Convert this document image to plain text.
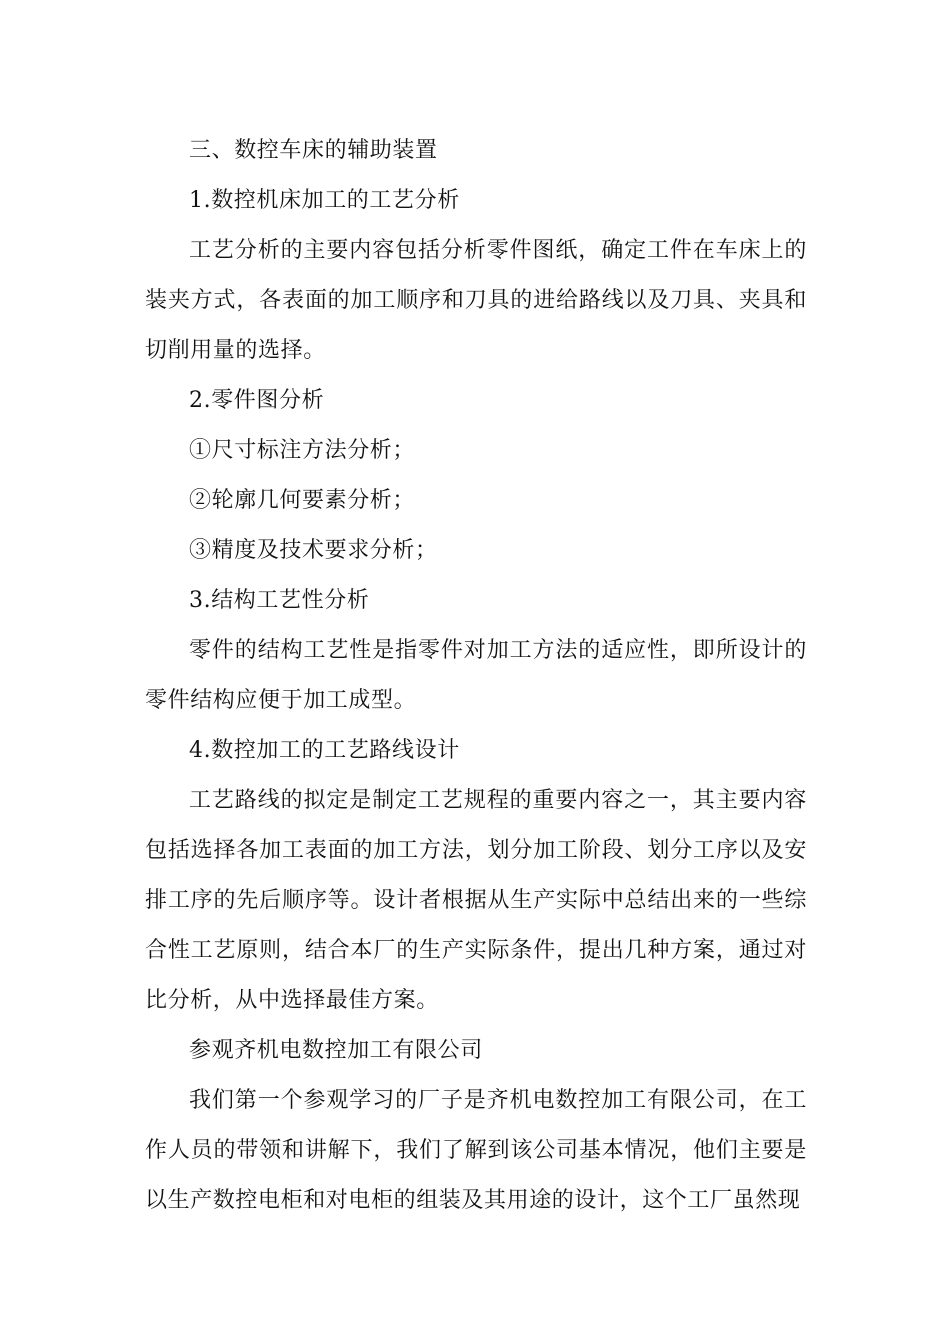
三、数控车床的辅助装置

1.数控机床加工的工艺分析

工艺分析的主要内容包括分析零件图纸，确定工件在车床上的装夹方式，各表面的加工顺序和刀具的进给路线以及刀具、夹具和切削用量的选择。

2.零件图分析

①尺寸标注方法分析；

②轮廓几何要素分析；

③精度及技术要求分析；

3.结构工艺性分析

零件的结构工艺性是指零件对加工方法的适应性，即所设计的零件结构应便于加工成型。

4.数控加工的工艺路线设计

工艺路线的拟定是制定工艺规程的重要内容之一，其主要内容包括选择各加工表面的加工方法，划分加工阶段、划分工序以及安排工序的先后顺序等。设计者根据从生产实际中总结出来的一些综合性工艺原则，结合本厂的生产实际条件，提出几种方案，通过对比分析，从中选择最佳方案。

参观齐机电数控加工有限公司

我们第一个参观学习的厂子是齐机电数控加工有限公司，在工作人员的带领和讲解下，我们了解到该公司基本情况，他们主要是以生产数控电柜和对电柜的组装及其用途的设计，这个工厂虽然现
